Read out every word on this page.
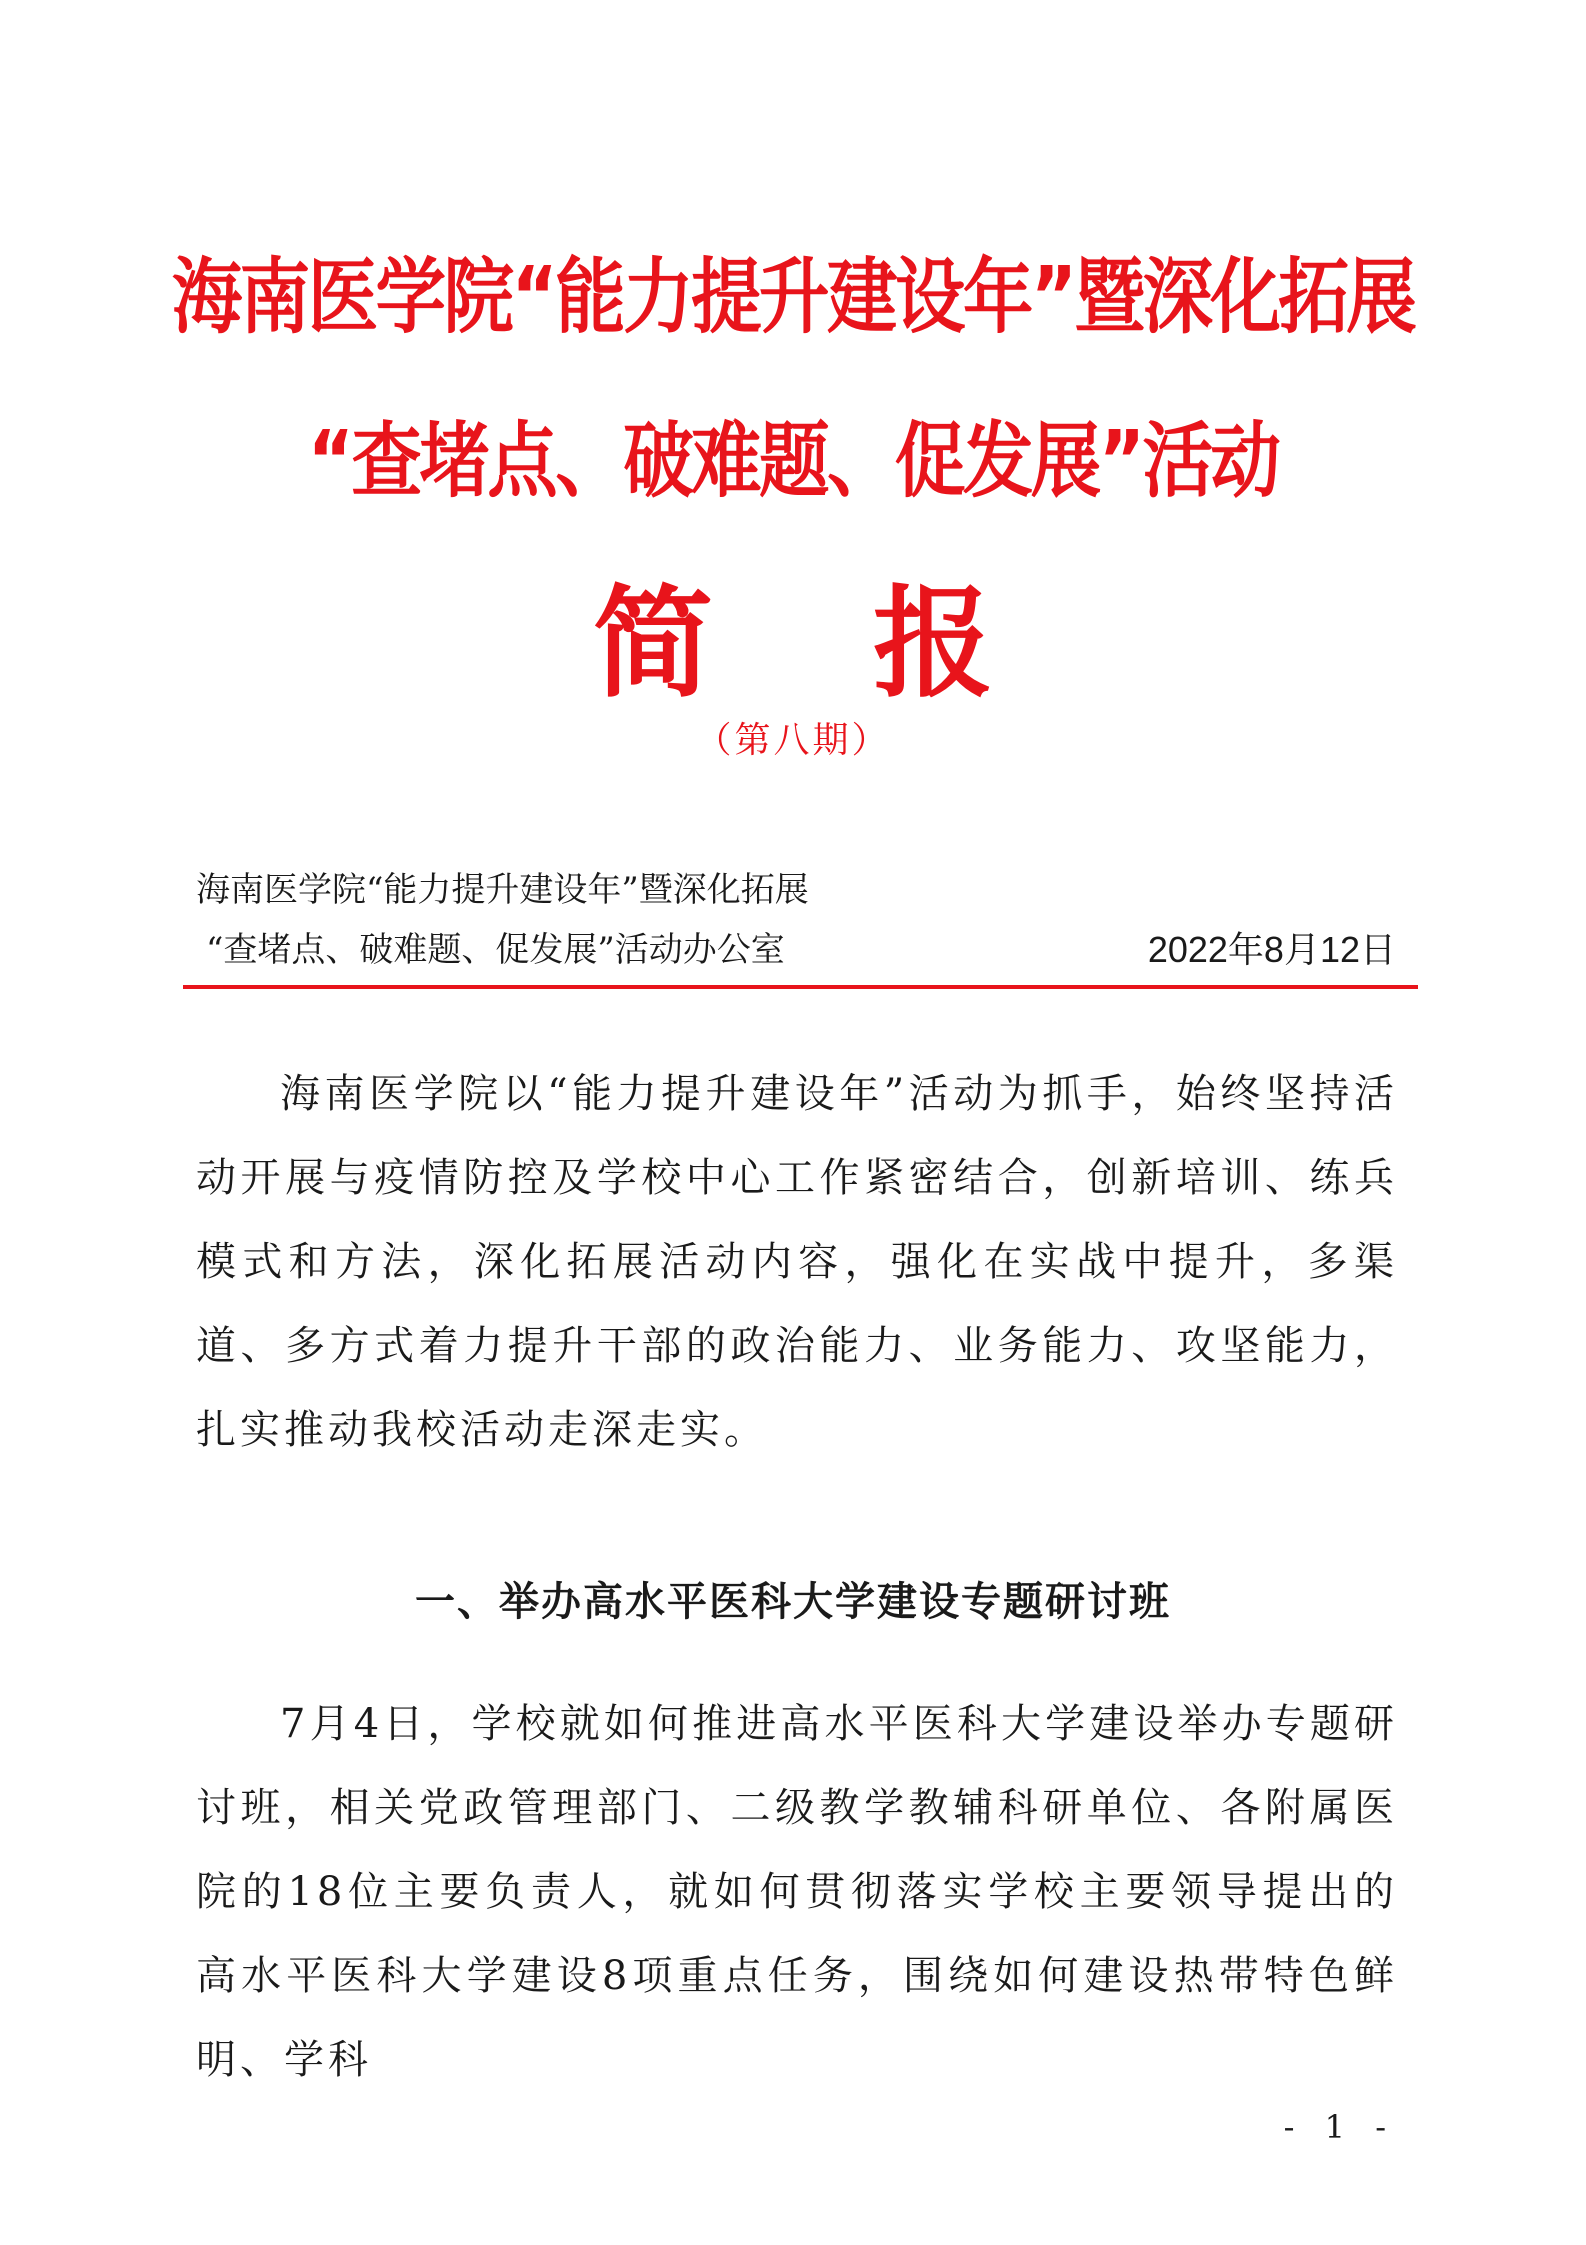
海南医学院“能力提升建设年”暨深化拓展
“查堵点、破难题、促发展”活动
简报
（第八期）
海南医学院“能力提升建设年”暨深化拓展
“查堵点、破难题、促发展”活动办公室	2022年8月12日

海南医学院以“能力提升建设年”活动为抓手，始终坚持活动开展与疫情防控及学校中心工作紧密结合，创新培训、练兵模式和方法，深化拓展活动内容，强化在实战中提升，多渠道、多方式着力提升干部的政治能力、业务能力、攻坚能力，扎实推动我校活动走深走实。

一、举办高水平医科大学建设专题研讨班

7月4日，学校就如何推进高水平医科大学建设举办专题研讨班，相关党政管理部门、二级教学教辅科研单位、各附属医院的18位主要负责人，就如何贯彻落实学校主要领导提出的高水平医科大学建设8项重点任务，围绕如何建设热带特色鲜明、学科

- 1 -
